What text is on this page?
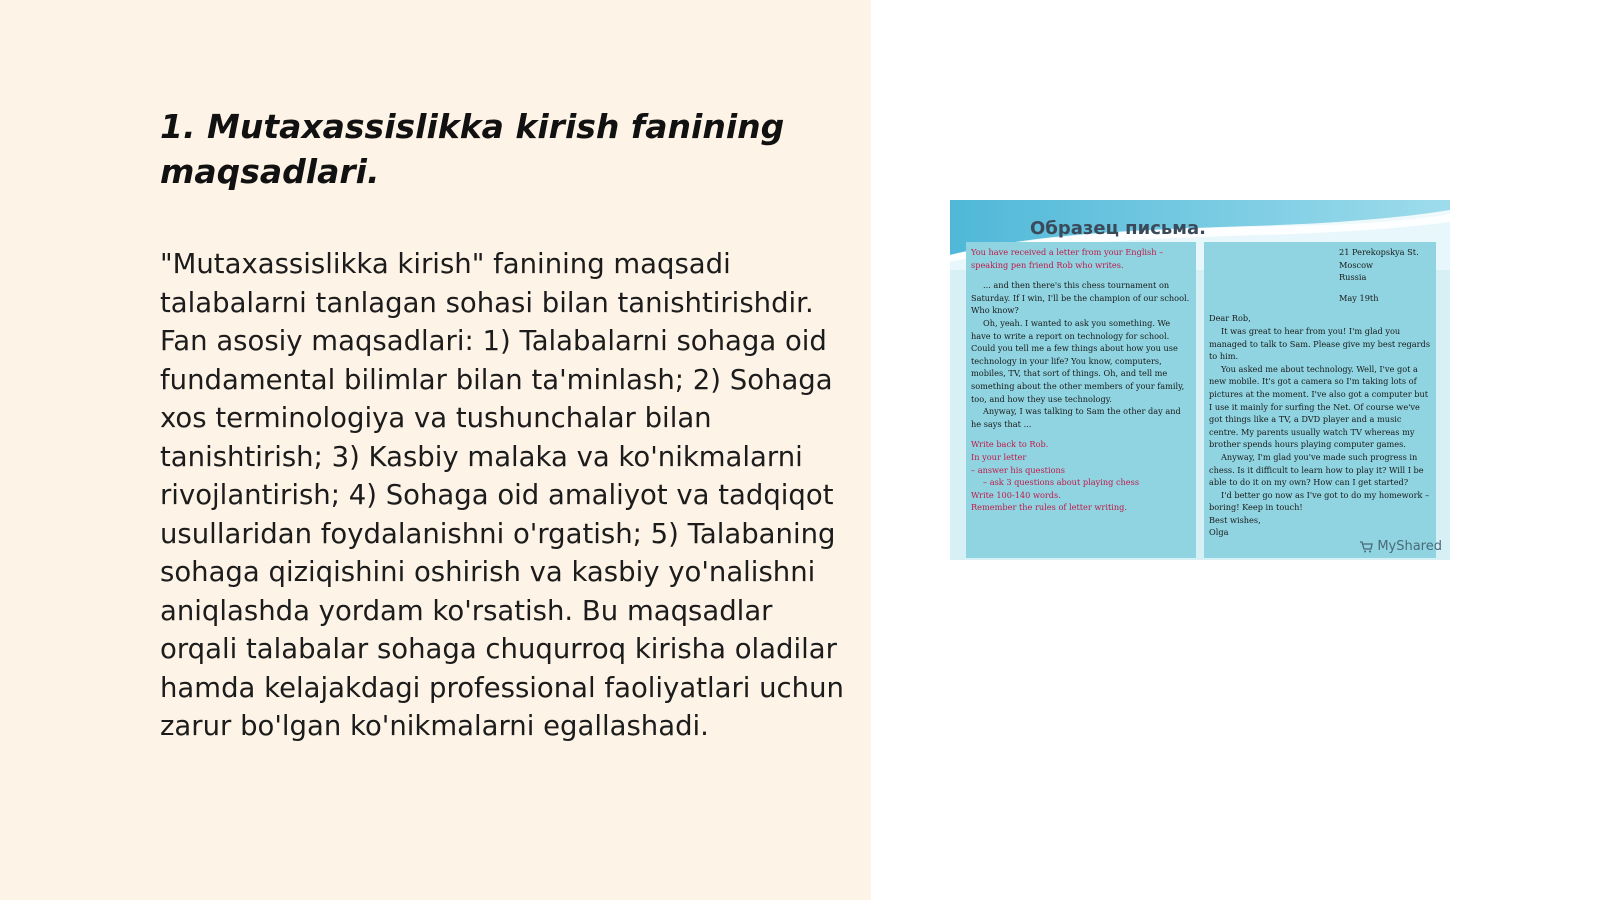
1. Mutaxassislikka kirish fanining maqsadlari.

"Mutaxassislikka kirish" fanining maqsadi talabalarni tanlagan sohasi bilan tanishtirishdir. Fan asosiy maqsadlari: 1) Talabalarni sohaga oid fundamental bilimlar bilan ta'minlash; 2) Sohaga xos terminologiya va tushunchalar bilan tanishtirish; 3) Kasbiy malaka va ko'nikmalarni rivojlantirish; 4) Sohaga oid amaliyot va tadqiqot usullaridan foydalanishni o'rgatish; 5) Talabaning sohaga qiziqishini oshirish va kasbiy yo'nalishni aniqlashda yordam ko'rsatish. Bu maqsadlar orqali talabalar sohaga chuqurroq kirisha oladilar hamda kelajakdagi professional faoliyatlari uchun zarur bo'lgan ko'nikmalarni egallashadi.

Образец письма.

You have received a letter from your English – speaking pen friend Rob who writes.

... and then there's this chess tournament on Saturday. If I win, I'll be the champion of our school. Who know?

Oh, yeah. I wanted to ask you something. We have to write a report on technology for school. Could you tell me a few things about how you use technology in your life? You know, computers, mobiles, TV, that sort of things. Oh, and tell me something about the other members of your family, too, and how they use technology.

Anyway, I was talking to Sam the other day and he says that ...

Write back to Rob.

In your letter

– answer his questions

– ask 3 questions about playing chess

Write 100-140 words.

Remember the rules of letter writing.

21 Perekopskya St.

Moscow

Russia

May 19th

Dear Rob,

It was great to hear from you! I'm glad you managed to talk to Sam. Please give my best regards to him.

You asked me about technology. Well, I've got a new mobile. It's got a camera so I'm taking lots of pictures at the moment. I've also got a computer but I use it mainly for surfing the Net. Of course we've got things like a TV, a DVD player and a music centre. My parents usually watch TV whereas my brother spends hours playing computer games.

Anyway, I'm glad you've made such progress in chess. Is it difficult to learn how to play it? Will I be able to do it on my own? How can I get started?

I'd better go now as I've got to do my homework – boring! Keep in touch!

Best wishes,

Olga

MyShared
